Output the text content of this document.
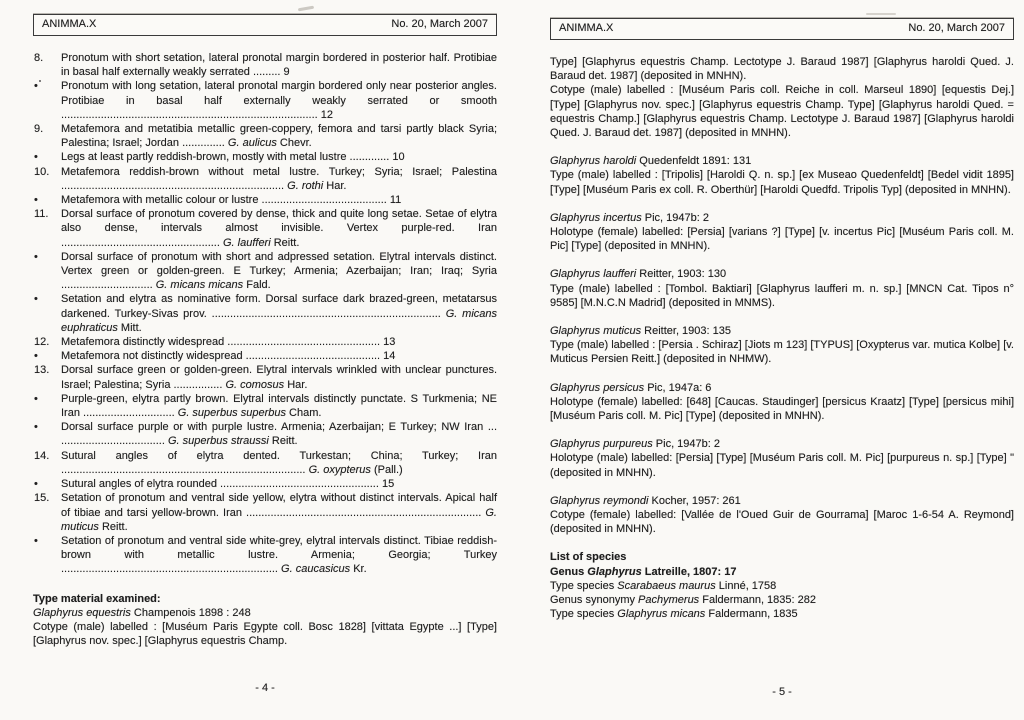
ANIMMA.X	No. 20, March 2007
8. Pronotum with short setation, lateral pronotal margin bordered in posterior half. Protibiae in basal half externally weakly serrated ......... 9
• Pronotum with long setation, lateral pronotal margin bordered only near posterior angles. Protibiae in basal half externally weakly serrated or smooth .................................................................................... 12
9. Metafemora and metatibia metallic green-coppery, femora and tarsi partly black Syria; Palestina; Israel; Jordan .............. G. aulicus Chevr.
• Legs at least partly reddish-brown, mostly with metal lustre ............. 10
10. Metafemora reddish-brown without metal lustre. Turkey; Syria; Israel; Palestina ......................................................................... G. rothi Har.
• Metafemora with metallic colour or lustre ......................................... 11
11. Dorsal surface of pronotum covered by dense, thick and quite long setae. Setae of elytra also dense, intervals almost invisible. Vertex purple-red. Iran .................................................... G. laufferi Reitt.
• Dorsal surface of pronotum with short and adpressed setation. Elytral intervals distinct. Vertex green or golden-green. E Turkey; Armenia; Azerbaijan; Iran; Iraq; Syria .............................. G. micans micans Fald.
• Setation and elytra as nominative form. Dorsal surface dark brazed-green, metatarsus darkened. Turkey-Sivas prov. ........................................................................... G. micans euphraticus Mitt.
12. Metafemora distinctly widespread .................................................. 13
• Metafemora not distinctly widespread ............................................ 14
13. Dorsal surface green or golden-green. Elytral intervals wrinkled with unclear punctures. Israel; Palestina; Syria ................ G. comosus Har.
• Purple-green, elytra partly brown. Elytral intervals distinctly punctate. S Turkmenia; NE Iran .............................. G. superbus superbus Cham.
• Dorsal surface purple or with purple lustre. Armenia; Azerbaijan; E Turkey; NW Iran ... .................................. G. superbus straussi Reitt.
14. Sutural angles of elytra dented. Turkestan; China; Turkey; Iran ................................................................................ G. oxypterus (Pall.)
• Sutural angles of elytra rounded .................................................... 15
15. Setation of pronotum and ventral side yellow, elytra without distinct intervals. Apical half of tibiae and tarsi yellow-brown. Iran ............................................................................. G. muticus Reitt.
• Setation of pronotum and ventral side white-grey, elytral intervals distinct. Tibiae reddish-brown with metallic lustre. Armenia; Georgia; Turkey ....................................................................... G. caucasicus Kr.
Type material examined:
Glaphyrus equestris Champenois 1898 : 248
Cotype (male) labelled : [Muséum Paris Egypte coll. Bosc 1828] [vittata Egypte ...] [Type] [Glaphyrus nov. spec.] [Glaphyrus equestris Champ.
ANIMMA.X	No. 20, March 2007
Type] [Glaphyrus equestris Champ. Lectotype J. Baraud 1987] [Glaphyrus haroldi Qued. J. Baraud det. 1987] (deposited in MNHN).
Cotype (male) labelled : [Muséum Paris coll. Reiche in coll. Marseul 1890] [equestis Dej.] [Type] [Glaphyrus nov. spec.] [Glaphyrus equestris Champ. Type] [Glaphyrus haroldi Qued. = equestris Champ.] [Glaphyrus equestris Champ. Lectotype J. Baraud 1987] [Glaphyrus haroldi Qued. J. Baraud det. 1987] (deposited in MNHN).
Glaphyrus haroldi Quedenfeldt 1891: 131
Type (male) labelled : [Tripolis] [Haroldi Q. n. sp.] [ex Museao Quedenfeldt] [Bedel vidit 1895] [Type] [Muséum Paris ex coll. R. Oberthür] [Haroldi Quedfd. Tripolis Typ] (deposited in MNHN).
Glaphyrus incertus Pic, 1947b: 2
Holotype (female) labelled: [Persia] [varians ?] [Type] [v. incertus Pic] [Muséum Paris coll. M. Pic] [Type] (deposited in MNHN).
Glaphyrus laufferi Reitter, 1903: 130
Type (male) labelled : [Tombol. Baktiari] [Glaphyrus laufferi m. n. sp.] [MNCN Cat. Tipos n° 9585] [M.N.C.N Madrid] (deposited in MNMS).
Glaphyrus muticus Reitter, 1903: 135
Type (male) labelled : [Persia . Schiraz] [Jiots m 123] [TYPUS] [Oxypterus var. mutica Kolbe] [v. Muticus Persien Reitt.] (deposited in NHMW).
Glaphyrus persicus Pic, 1947a: 6
Holotype (female) labelled: [648] [Caucas. Staudinger] [persicus Kraatz] [Type] [persicus mihi] [Muséum Paris coll. M. Pic] [Type] (deposited in MNHN).
Glaphyrus purpureus Pic, 1947b: 2
Holotype (male) labelled: [Persia] [Type] [Muséum Paris coll. M. Pic] [purpureus n. sp.] [Type] " (deposited in MNHN).
Glaphyrus reymondi Kocher, 1957: 261
Cotype (female) labelled: [Vallée de l'Oued Guir de Gourrama] [Maroc 1-6-54 A. Reymond] (deposited in MNHN).
List of species
Genus Glaphyrus Latreille, 1807: 17
Type species Scarabaeus maurus Linné, 1758
Genus synonymy Pachymerus Faldermann, 1835: 282
Type species Glaphyrus micans Faldermann, 1835
- 4 -	- 5 -
